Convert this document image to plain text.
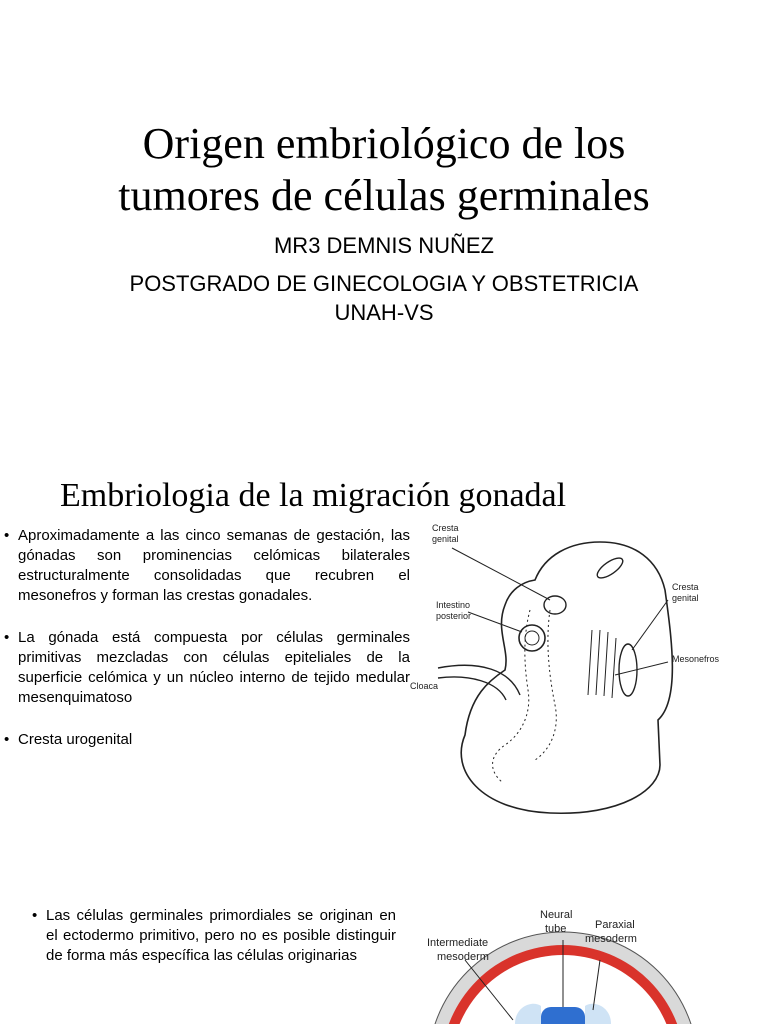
Origen embriológico de los
tumores de células germinales
MR3 DEMNIS NUÑEZ
POSTGRADO DE GINECOLOGIA Y OBSTETRICIA
UNAH-VS
Embriologia de la migración gonadal
• Aproximadamente a las cinco semanas de gestación, las gónadas son prominencias celómicas bilaterales estructuralmente consolidadas que recubren el mesonefros y forman las crestas gonadales.
• La gónada está compuesta por células germinales primitivas mezcladas con células epiteliales de la superficie celómica y un núcleo interno de tejido medular mesenquimatoso
• Cresta urogenital
Cresta
genital
Cresta
genital
Intestino
posterior
Mesonefros
Cloaca
• Las células germinales primordiales se originan en el ectodermo primitivo, pero no es posible distinguir de forma más específica las células originarias
Neural
tube	Paraxial
mesoderm
Intermediate
mesoderm
